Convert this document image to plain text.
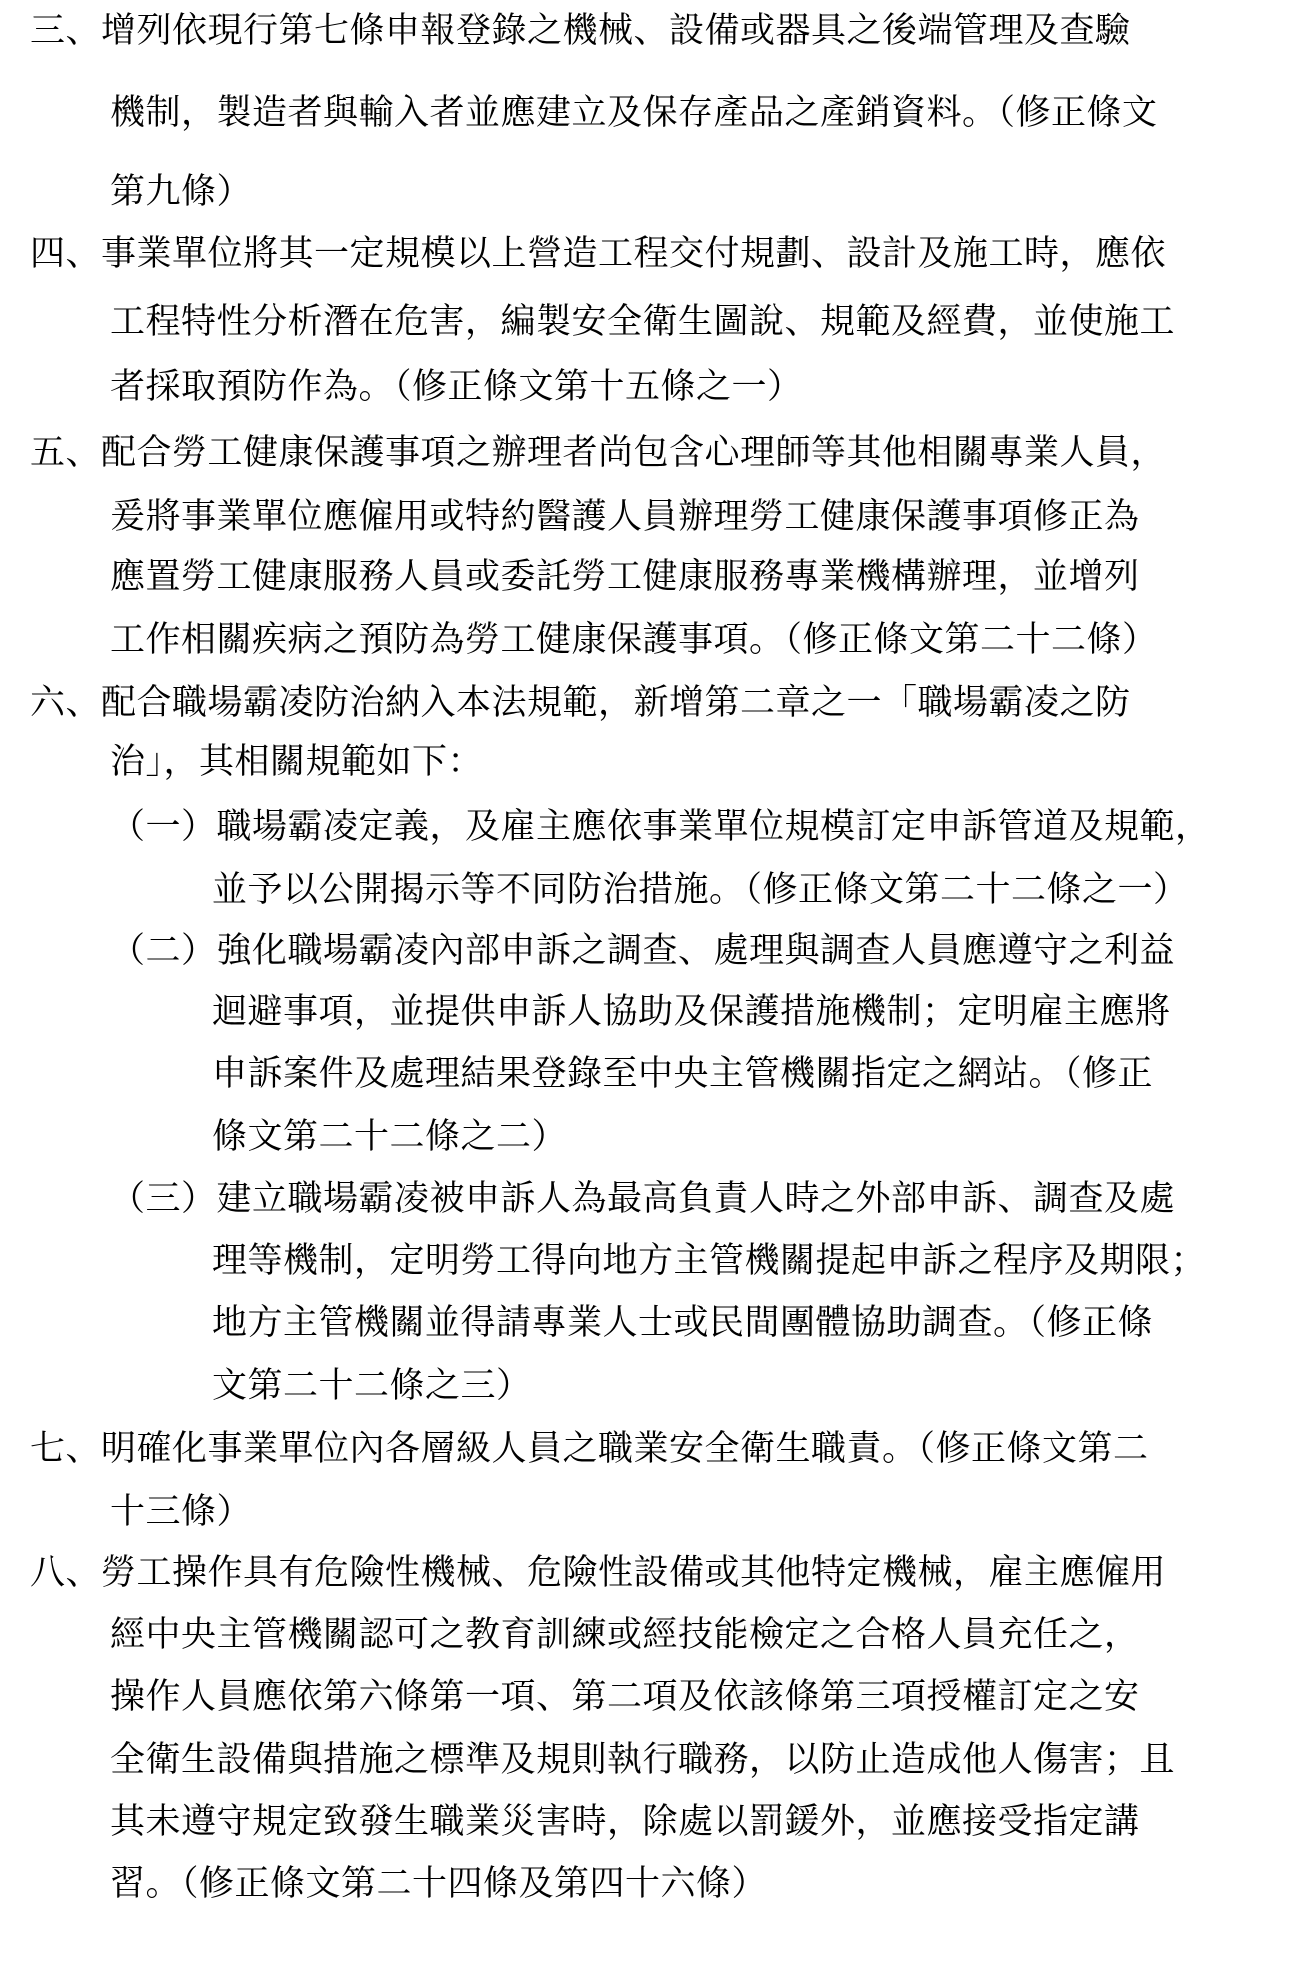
三、增列依現行第七條申報登錄之機械、設備或器具之後端管理及查驗
機制，製造者與輸入者並應建立及保存產品之產銷資料。（修正條文
第九條）
四、事業單位將其一定規模以上營造工程交付規劃、設計及施工時，應依
工程特性分析潛在危害，編製安全衛生圖說、規範及經費，並使施工
者採取預防作為。（修正條文第十五條之一）
五、配合勞工健康保護事項之辦理者尚包含心理師等其他相關專業人員，
爰將事業單位應僱用或特約醫護人員辦理勞工健康保護事項修正為
應置勞工健康服務人員或委託勞工健康服務專業機構辦理，並增列
工作相關疾病之預防為勞工健康保護事項。（修正條文第二十二條）
六、配合職場霸凌防治納入本法規範，新增第二章之一「職場霸凌之防
治」，其相關規範如下：
（一）職場霸凌定義，及雇主應依事業單位規模訂定申訴管道及規範，
並予以公開揭示等不同防治措施。（修正條文第二十二條之一）
（二）強化職場霸凌內部申訴之調查、處理與調查人員應遵守之利益
迴避事項，並提供申訴人協助及保護措施機制；定明雇主應將
申訴案件及處理結果登錄至中央主管機關指定之網站。（修正
條文第二十二條之二）
（三）建立職場霸凌被申訴人為最高負責人時之外部申訴、調查及處
理等機制，定明勞工得向地方主管機關提起申訴之程序及期限；
地方主管機關並得請專業人士或民間團體協助調查。（修正條
文第二十二條之三）
七、明確化事業單位內各層級人員之職業安全衛生職責。（修正條文第二
十三條）
八、勞工操作具有危險性機械、危險性設備或其他特定機械，雇主應僱用
經中央主管機關認可之教育訓練或經技能檢定之合格人員充任之，
操作人員應依第六條第一項、第二項及依該條第三項授權訂定之安
全衛生設備與措施之標準及規則執行職務，以防止造成他人傷害；且
其未遵守規定致發生職業災害時，除處以罰鍰外，並應接受指定講
習。（修正條文第二十四條及第四十六條）
